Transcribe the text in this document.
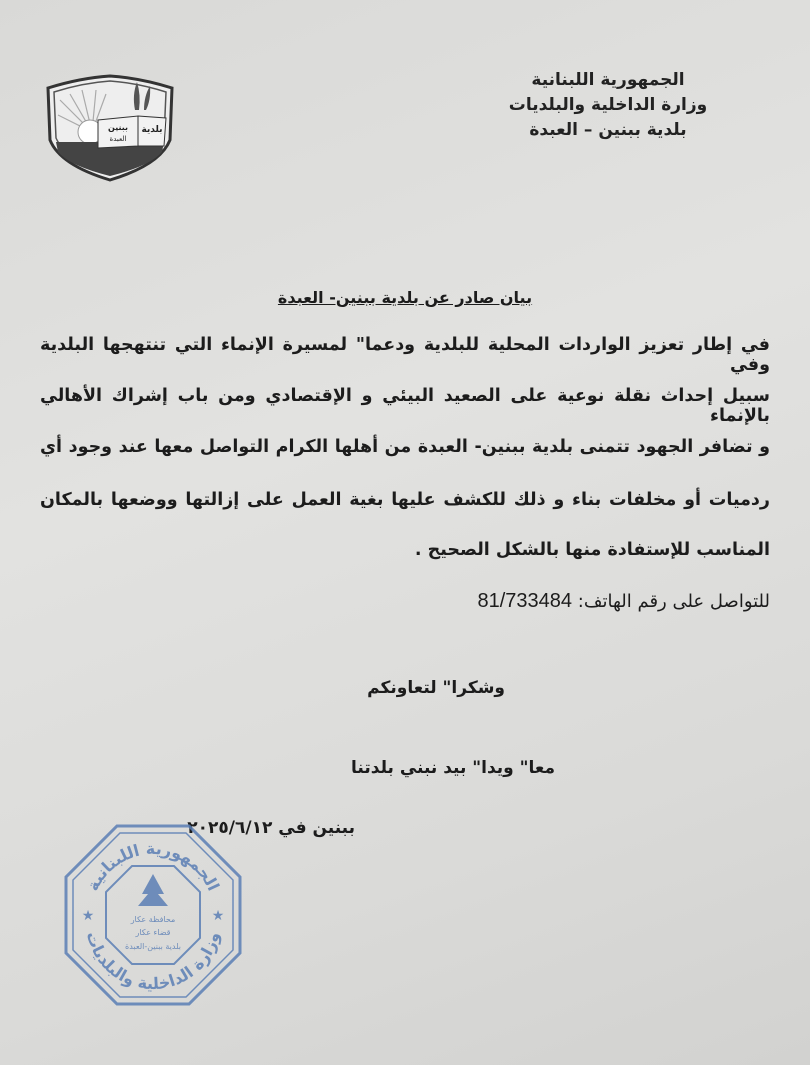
الجمهورية اللبنانية
وزارة الداخلية والبلديات
بلدية ببنين – العبدة
بلدية
ببنين
العبدة
بيان صادر عن بلدية ببنين- العبدة
في إطار تعزيز الواردات المحلية للبلدية ودعما" لمسيرة الإنماء التي تنتهجها البلدية وفي
سبيل إحداث نقلة نوعية على الصعيد البيئي و الإقتصادي ومن باب إشراك الأهالي بالإنماء
و تضافر الجهود تتمنى بلدية ببنين- العبدة من أهلها الكرام التواصل معها عند وجود أي
ردميات أو مخلفات بناء و ذلك للكشف عليها بغية العمل على إزالتها ووضعها بالمكان
المناسب للإستفادة منها بالشكل الصحيح .
للتواصل على رقم الهاتف: 81/733484
وشكرا" لتعاونكم
معا" ويدا" بيد نبني بلدتنا
ببنين في ٢٠٢٥/٦/١٢
الجمهورية اللبنانية
وزارة الداخلية والبلديات
★	★
محافظة عكار
قضاء عكار
بلدية ببنين-العبدة
